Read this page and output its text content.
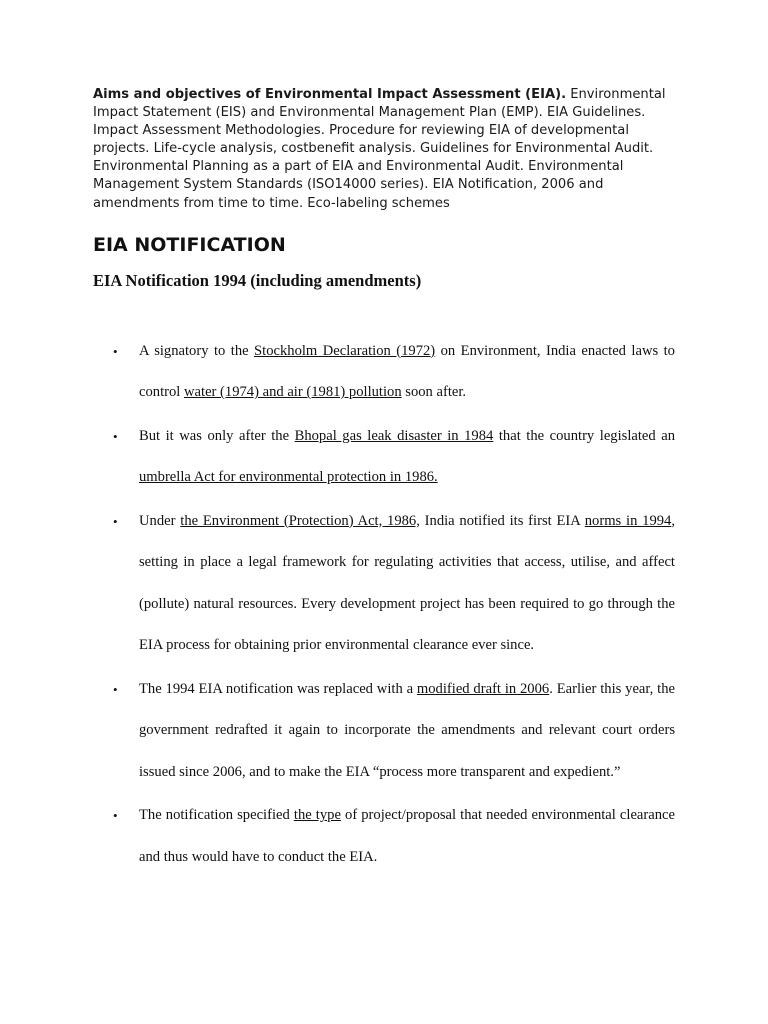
Aims and objectives of Environmental Impact Assessment (EIA). Environmental Impact Statement (EIS) and Environmental Management Plan (EMP). EIA Guidelines. Impact Assessment Methodologies. Procedure for reviewing EIA of developmental projects. Life-cycle analysis, costbenefit analysis. Guidelines for Environmental Audit. Environmental Planning as a part of EIA and Environmental Audit. Environmental Management System Standards (ISO14000 series). EIA Notification, 2006 and amendments from time to time. Eco-labeling schemes

EIA NOTIFICATION
EIA Notification 1994 (including amendments)
• A signatory to the Stockholm Declaration (1972) on Environment, India enacted laws to control water (1974) and air (1981) pollution soon after.
• But it was only after the Bhopal gas leak disaster in 1984 that the country legislated an umbrella Act for environmental protection in 1986.
• Under the Environment (Protection) Act, 1986, India notified its first EIA norms in 1994, setting in place a legal framework for regulating activities that access, utilise, and affect (pollute) natural resources. Every development project has been required to go through the EIA process for obtaining prior environmental clearance ever since.
• The 1994 EIA notification was replaced with a modified draft in 2006. Earlier this year, the government redrafted it again to incorporate the amendments and relevant court orders issued since 2006, and to make the EIA “process more transparent and expedient.”
• The notification specified the type of project/proposal that needed environmental clearance and thus would have to conduct the EIA.
